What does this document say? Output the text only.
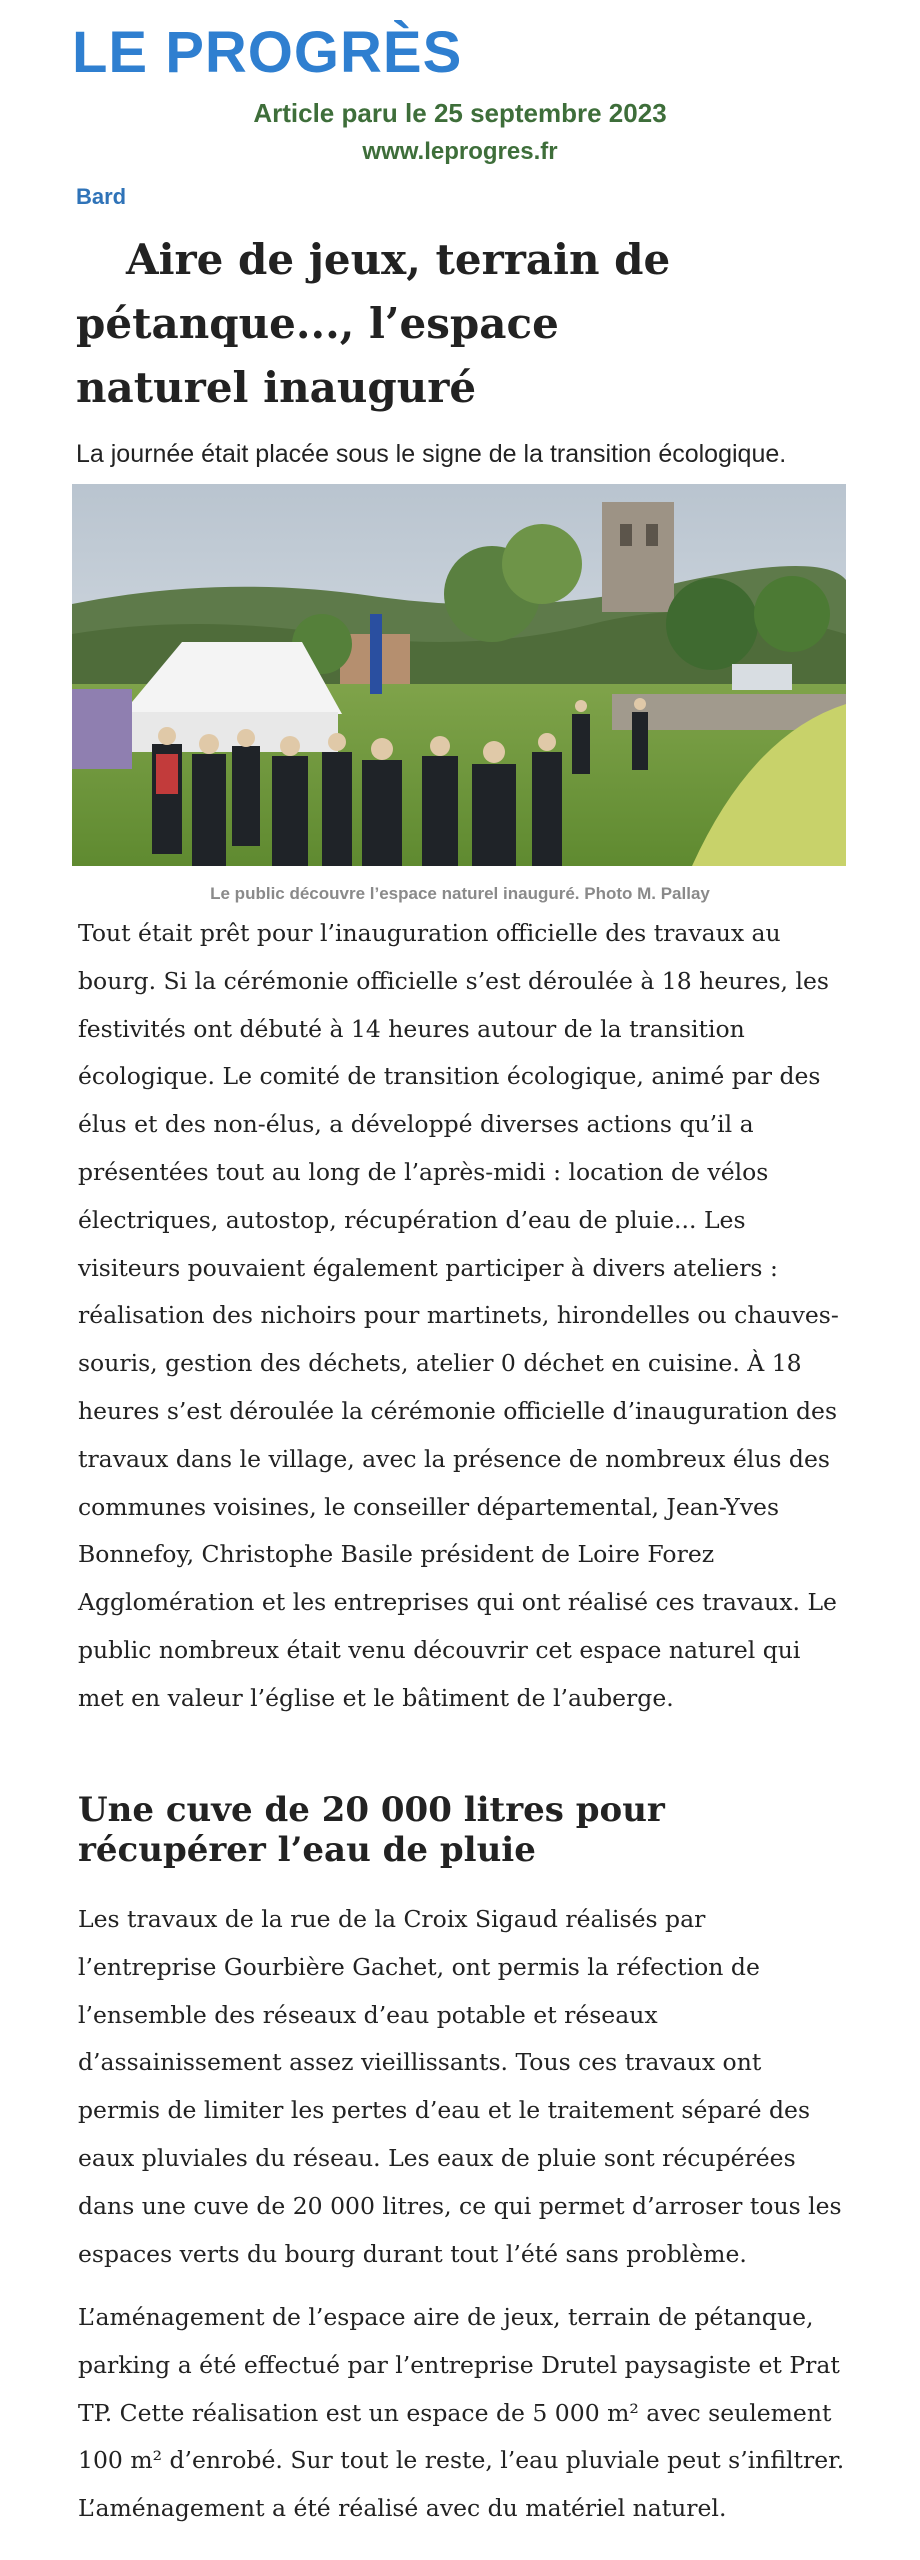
LE PROGRÈS
Article paru le 25 septembre 2023
www.leprogres.fr
Bard
Aire de jeux, terrain de pétanque..., l’espace naturel inauguré
La journée était placée sous le signe de la transition écologique.
Le public découvre l’espace naturel inauguré. Photo M. Pallay

Tout était prêt pour l’inauguration officielle des travaux au bourg. Si la cérémonie officielle s’est déroulée à 18 heures, les festivités ont débuté à 14 heures autour de la transition écologique. Le comité de transition écologique, animé par des élus et des non-élus, a développé diverses actions qu’il a présentées tout au long de l’après-midi : location de vélos électriques, autostop, récupération d’eau de pluie... Les visiteurs pouvaient également participer à divers ateliers : réalisation des nichoirs pour martinets, hirondelles ou chauves-souris, gestion des déchets, atelier 0 déchet en cuisine. À 18 heures s’est déroulée la cérémonie officielle d’inauguration des travaux dans le village, avec la présence de nombreux élus des communes voisines, le conseiller départemental, Jean-Yves Bonnefoy, Christophe Basile président de Loire Forez Agglomération et les entreprises qui ont réalisé ces travaux. Le public nombreux était venu découvrir cet espace naturel qui met en valeur l’église et le bâtiment de l’auberge.

Une cuve de 20 000 litres pour récupérer l’eau de pluie

Les travaux de la rue de la Croix Sigaud réalisés par l’entreprise Gourbière Gachet, ont permis la réfection de l’ensemble des réseaux d’eau potable et réseaux d’assainissement assez vieillissants. Tous ces travaux ont permis de limiter les pertes d’eau et le traitement séparé des eaux pluviales du réseau. Les eaux de pluie sont récupérées dans une cuve de 20 000 litres, ce qui permet d’arroser tous les espaces verts du bourg durant tout l’été sans problème.

L’aménagement de l’espace aire de jeux, terrain de pétanque, parking a été effectué par l’entreprise Drutel paysagiste et Prat TP. Cette réalisation est un espace de 5 000 m² avec seulement 100 m² d’enrobé. Sur tout le reste, l’eau pluviale peut s’infiltrer. L’aménagement a été réalisé avec du matériel naturel.
